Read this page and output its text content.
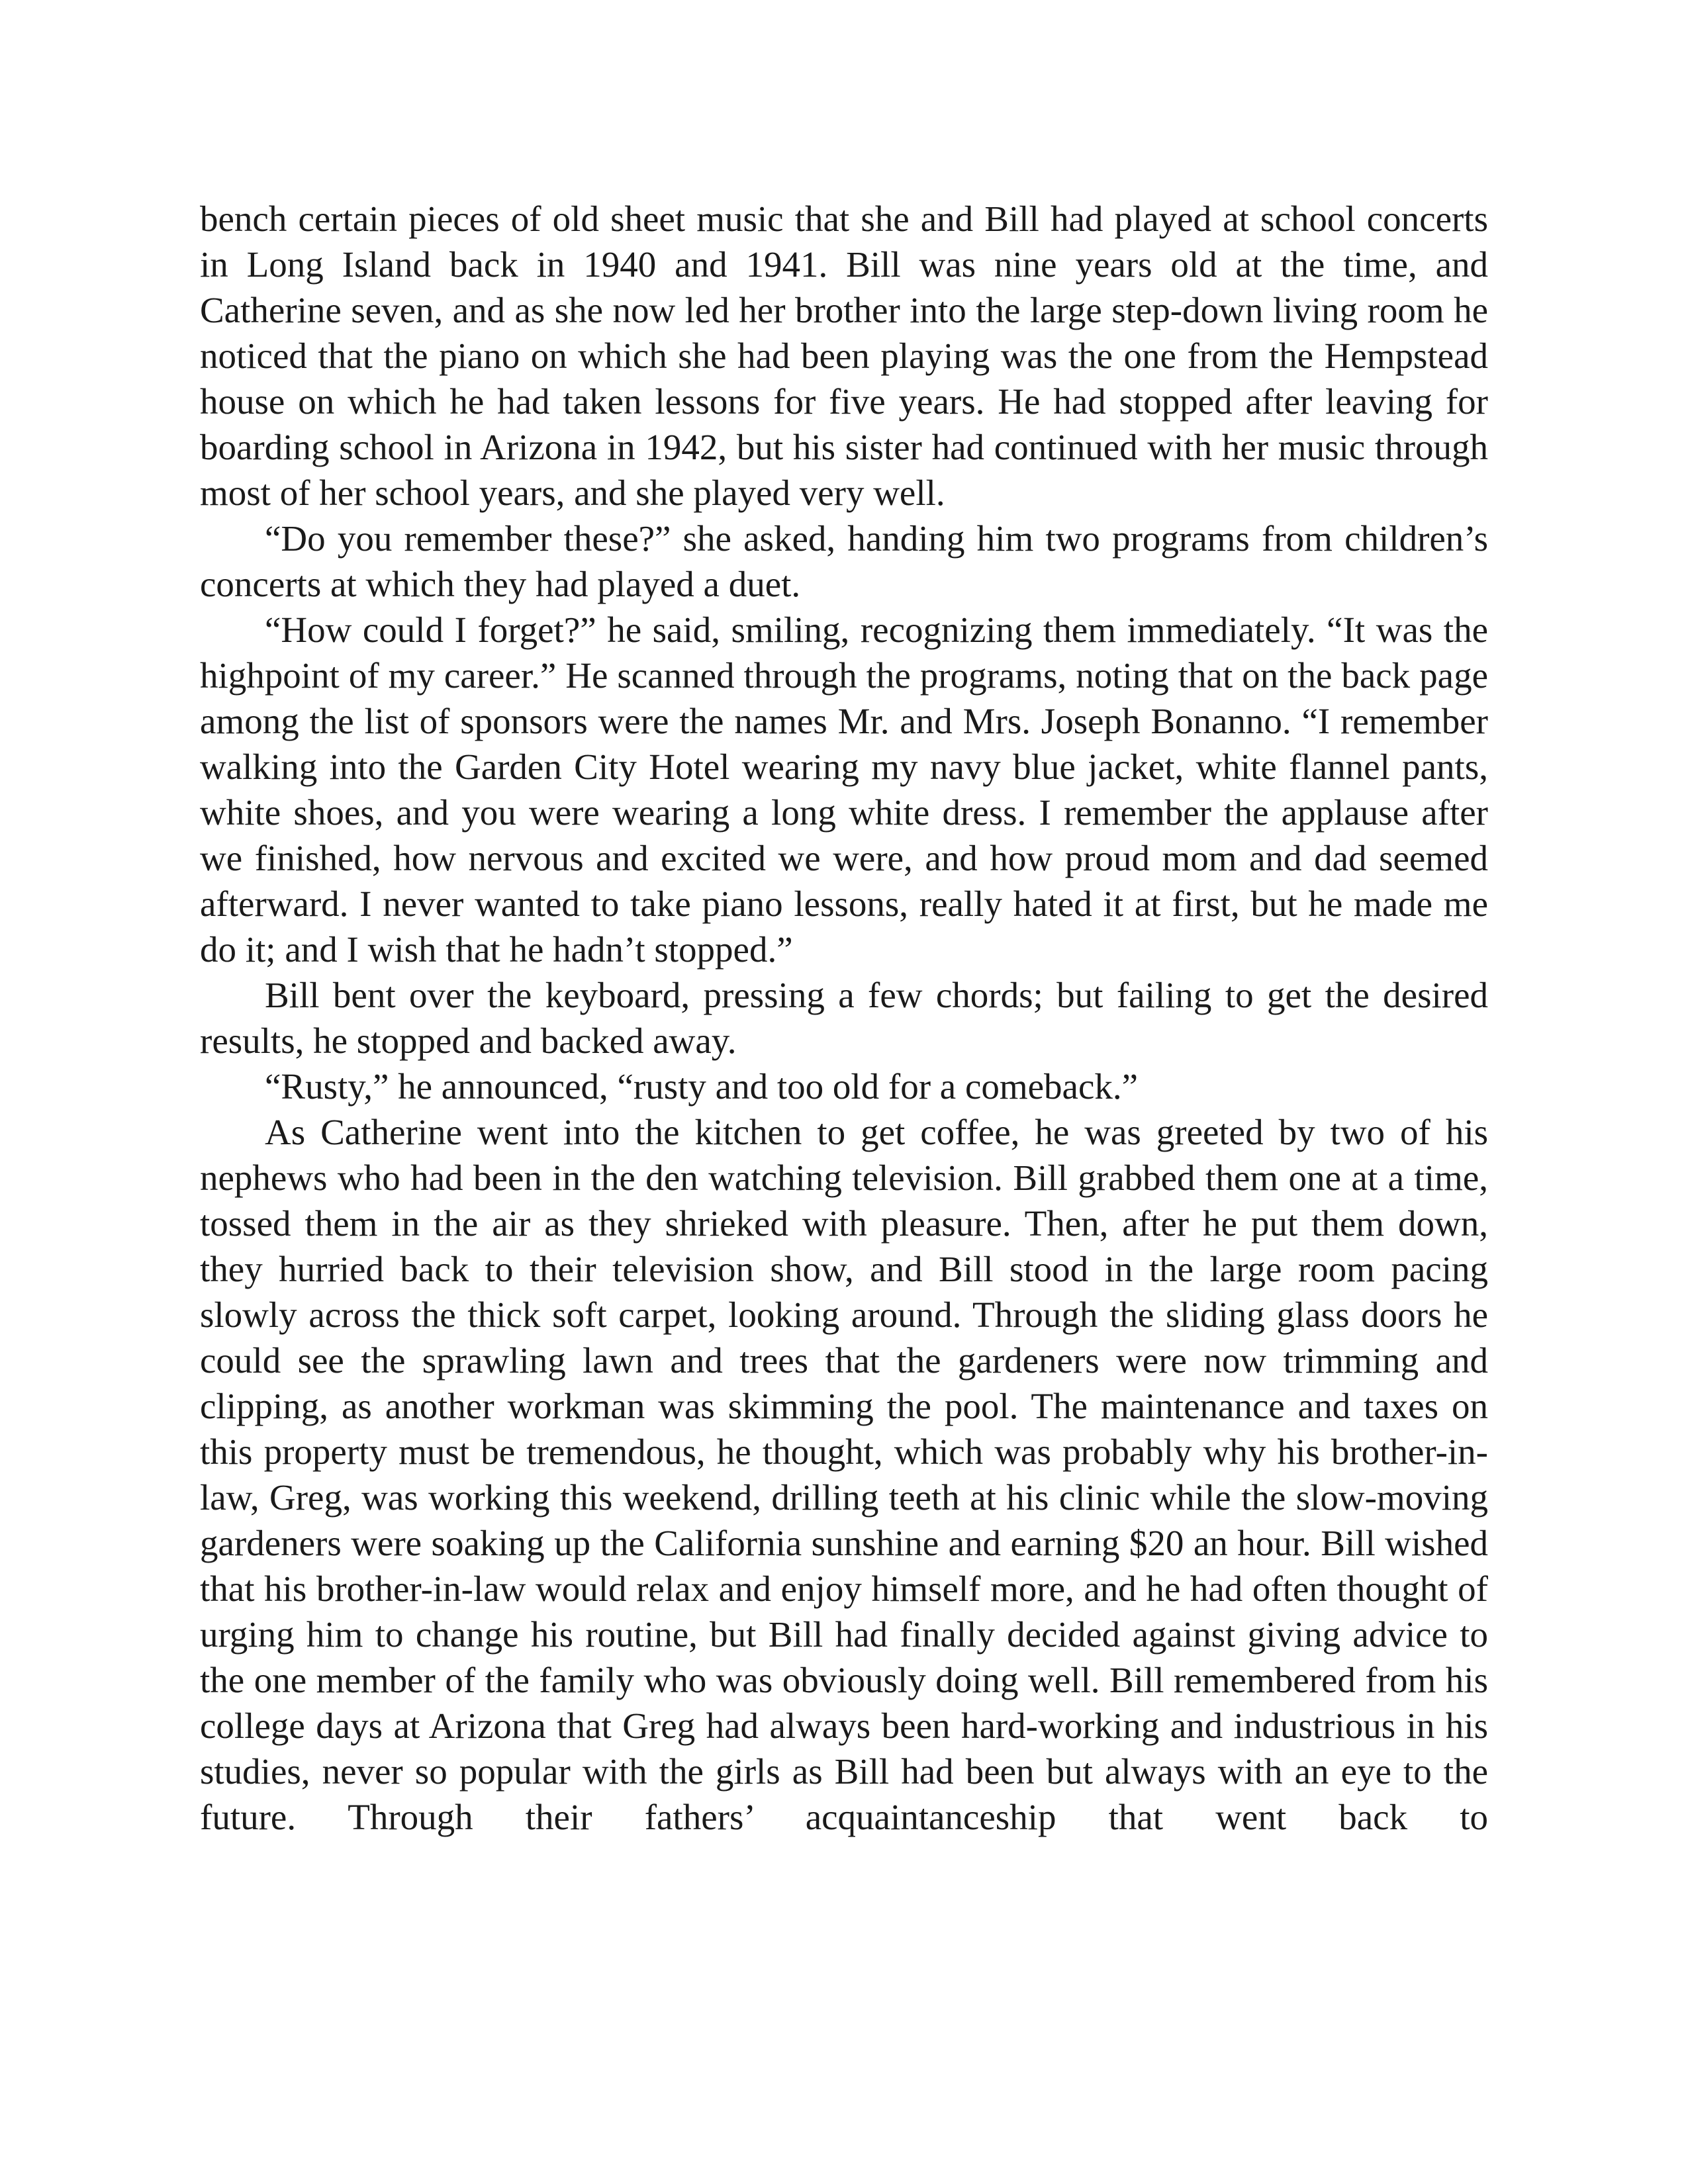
bench certain pieces of old sheet music that she and Bill had played at school concerts in Long Island back in 1940 and 1941. Bill was nine years old at the time, and Catherine seven, and as she now led her brother into the large step-down living room he noticed that the piano on which she had been playing was the one from the Hempstead house on which he had taken lessons for five years. He had stopped after leaving for boarding school in Arizona in 1942, but his sister had continued with her music through most of her school years, and she played very well.

“Do you remember these?” she asked, handing him two programs from children’s concerts at which they had played a duet.

“How could I forget?” he said, smiling, recognizing them immediately. “It was the highpoint of my career.” He scanned through the programs, noting that on the back page among the list of sponsors were the names Mr. and Mrs. Joseph Bonanno. “I remember walking into the Garden City Hotel wearing my navy blue jacket, white flannel pants, white shoes, and you were wearing a long white dress. I remember the applause after we finished, how nervous and excited we were, and how proud mom and dad seemed afterward. I never wanted to take piano lessons, really hated it at first, but he made me do it; and I wish that he hadn’t stopped.”

Bill bent over the keyboard, pressing a few chords; but failing to get the desired results, he stopped and backed away.

“Rusty,” he announced, “rusty and too old for a comeback.”

As Catherine went into the kitchen to get coffee, he was greeted by two of his nephews who had been in the den watching television. Bill grabbed them one at a time, tossed them in the air as they shrieked with pleasure. Then, after he put them down, they hurried back to their television show, and Bill stood in the large room pacing slowly across the thick soft carpet, looking around. Through the sliding glass doors he could see the sprawling lawn and trees that the gardeners were now trimming and clipping, as another workman was skimming the pool. The maintenance and taxes on this property must be tremendous, he thought, which was probably why his brother-in-law, Greg, was working this weekend, drilling teeth at his clinic while the slow-moving gardeners were soaking up the California sunshine and earning $20 an hour. Bill wished that his brother-in-law would relax and enjoy himself more, and he had often thought of urging him to change his routine, but Bill had finally decided against giving advice to the one member of the family who was obviously doing well. Bill remembered from his college days at Arizona that Greg had always been hard-working and industrious in his studies, never so popular with the girls as Bill had been but always with an eye to the future. Through their fathers’ acquaintanceship that went back to
